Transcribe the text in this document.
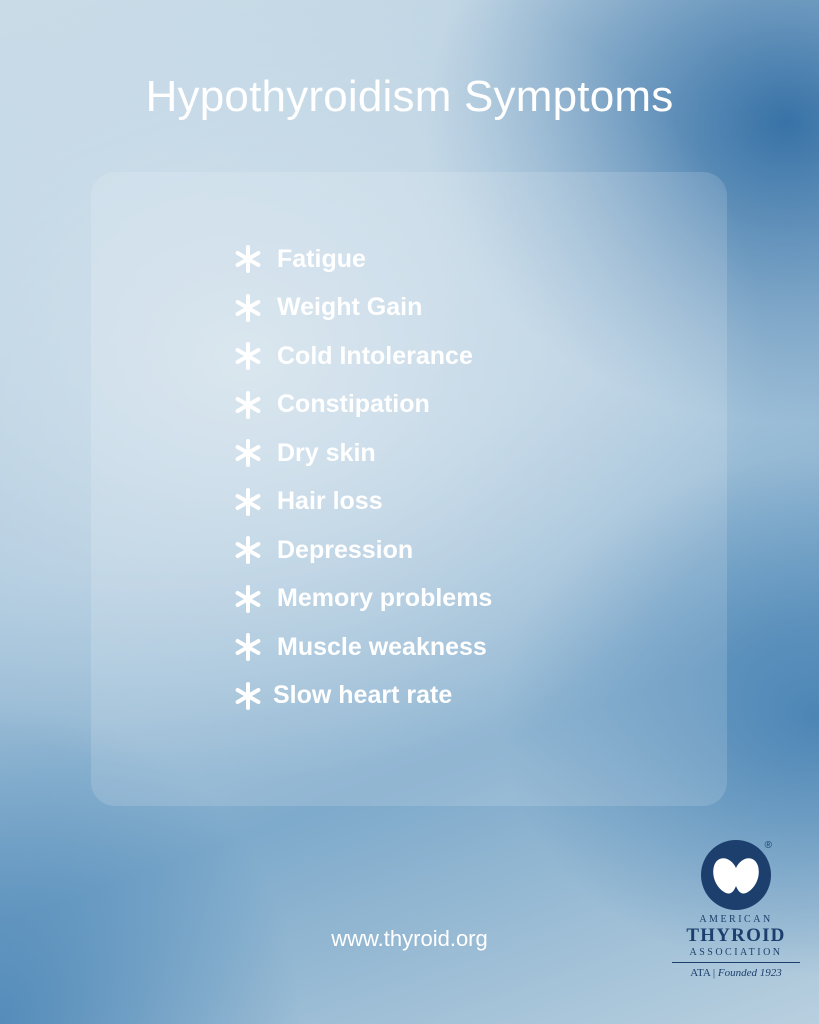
Hypothyroidism Symptoms
Fatigue
Weight Gain
Cold Intolerance
Constipation
Dry skin
Hair loss
Depression
Memory problems
Muscle weakness
Slow heart rate
www.thyroid.org
®
AMERICAN
THYROID
ASSOCIATION
ATA | Founded 1923
